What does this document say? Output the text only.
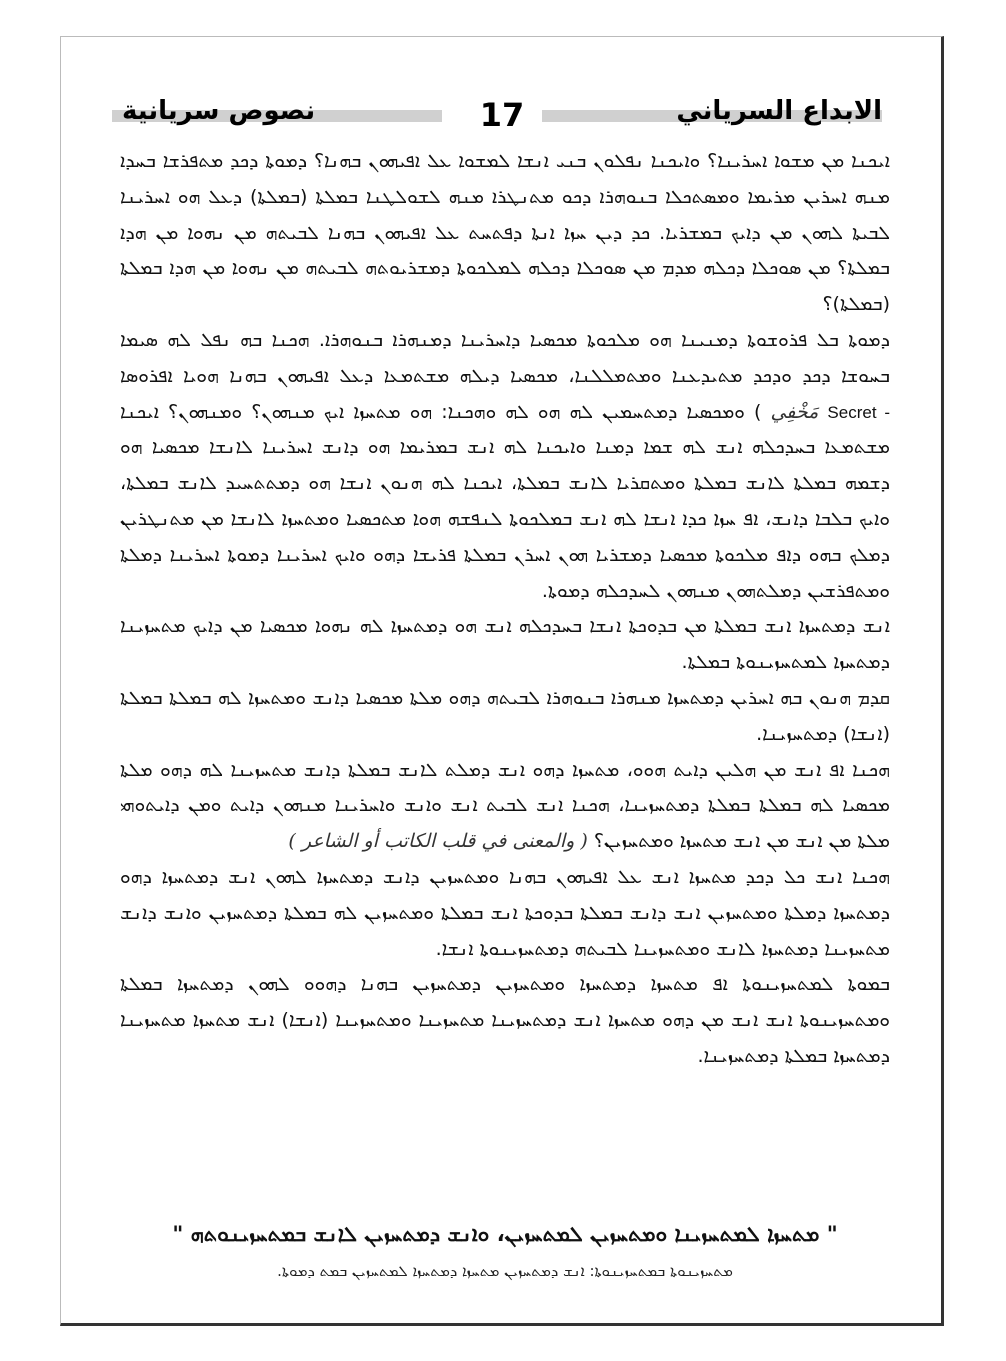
نصوص سريانية	17	الابداع السرياني

ܐܝܟܢܐ ܡܢ ܡܫܘܐ ܐܚܪܝܢܐ؟ ܘܐܝܟܢܐ ܢܦܠܘܢ ܒܢܝ ܐܢܫܐ ܠܡܫܘܐ ܥܠ ܐܦܝܗܘܢ ܒܗܢܐ؟ ܕܡܘܬܐ ܕܟܕ ܡܬܦܪܫܐ ܒܚܕܐ ܡܢܗ ܐܚܪܝܢ ܡܪܝܡܐ ܘܡܣܬܟܠܐ ܒܢܘܗܪܐ ܕܟܘ ܡܬܢܛܪܐ ܡܢܗ ܠܫܘܠܛܢܐ ܒܡܠܬܐ (ܒܡܠܬܐ) ܕܥܠ ܗܘ ܐܚܪܝܢܐ ܠܒܝܬܐ ܠܗܘܢ ܡܢ ܕܐܝܟ ܒܡܫܪܝܐ. ܟܕ ܕܝܢ ܚܙܐ ܐܢܬܐ ܕܦܬܚܬ ܥܠ ܐܦܝܗܘܢ ܒܗܢܐ ܠܒܝܬܗ ܡܢ ܢܗܘܐ ܡܢ ܗܕܐ ܒܡܠܬܐ؟ ܡܢ ܣܘܟܠܐ ܕܟܠܗ ܡܕܡ ܡܢ ܣܘܟܠܐ ܕܟܠܗ ܠܡܠܟܘܬܐ ܕܡܫܪܝܘܬܗ ܠܒܝܬܗ ܡܢ ܢܗܘܐ ܡܢ ܗܕܐ ܒܡܠܬܐ (ܒܡܠܬܐ)؟

ܕܡܘܬܐ ܒܠ ܦܪܘܫܘܬܐ ܕܡܢܝܢܐ ܗܘ ܡܠܟܘܬܐ ܡܟܣܝܐ ܕܐܚܪܝܢܐ ܕܡܢܗܪܐ ܒܢܘܗܪܐ. ܗܟܢܐ ܒܗ ܢܦܠ ܠܗ ܣܝܡܐ ܒܚܘܫܐ ܕܟܕ ܘܕܟܕ ܡܬܝܕܥܢܐ ܘܡܬܡܠܠܢܐ، ܡܟܣܝܐ ܕܝܠܗ ܡܫܬܡܥܐ ܕܥܠ ܐܦܝܗܘܢ ܒܗܢܐ ܗܘܝܐ ܐܦܪܘܣܐ Secret - مَخْفِي ) ܘܡܟܣܝܐ ܕܡܬܚܡܝܢ ܠܗ ܗܘ ܠܗ ܘܗܟܢܐ: ܗܘ ܡܬܚܙܐ ܐܝܟ ܡܢܗܘܢ؟ ܘܡܢܗܘܢ؟ ܐܝܟܢܐ ܡܫܬܡܥܐ ܒܚܕܟܠܗ ܐܢܫ ܠܗ ܫܡܐ ܕܡܢܐ ܘܐܝܟܢܐ ܠܗ ܐܢܫ ܒܡܪܝܡܐ ܗܘ ܕܐܢܫ ܐܚܪܝܢܐ ܠܐܢܫܐ ܡܟܣܝܐ ܗܘ ܕܫܡܗ ܒܡܠܬܐ ܠܐܢܫ ܒܡܠܬܐ ܘܡܬܩܪܝܐ ܠܐܢܫ ܒܡܠܬܐ، ܐܝܟܢܐ ܠܗ ܗܢܘܢ ܐܢܫܐ ܗܘ ܕܡܬܬܚܝܕ ܠܐܢܫ ܒܡܠܬܐ، ܘܐܝܟ ܒܠܒܐ ܕܐܢܫ، ܐܦ ܚܙܐ ܟܕܐ ܐܢܫܐ ܠܗ ܐܢܫ ܒܡܠܟܘܬܐ ܠܢܦܫܗ ܗܘܐ ܡܬܟܣܝܐ ܘܡܬܚܙܐ ܠܐܢܫܐ ܡܢ ܡܬܢܛܪܝܢ ܕܡܠܟ ܒܗܘ ܕܐܦ ܡܠܟܘܬܐ ܡܟܣܝܐ ܕܡܫܪܝܐ ܗܘܢ ܐܚܪܢ ܒܡܠܬܐ ܦܪܝܫܐ ܕܗܘ ܘܐܝܟ ܐܚܪܝܢܐ ܕܡܘܬܐ ܐܚܪܝܢܐ ܕܡܠܬܐ ܘܡܬܦܪܫܝܢ ܕܡܠܬܗܘܢ ܡܢܗܘܢ ܠܚܕܟܠܗ ܕܡܘܬܐ.

ܐܢܫ ܕܡܬܚܙܐ ܐܢܫ ܒܡܠܬܐ ܡܢ ܒܕܘܟܬܐ ܐܢܫܐ ܒܚܕܟܠܗ ܐܢܫ ܗܘ ܕܡܬܚܙܐ ܠܗ ܢܗܘܐ ܡܟܣܝܐ ܡܢ ܕܐܝܟ ܡܬܚܙܝܢܐ ܕܡܬܚܙܐ ܠܡܬܚܙܝܢܘܬܐ ܒܡܠܬܐ.

ܩܕܡ ܗܢܘܢ ܒܗ ܐܚܪܝܢ ܕܡܬܚܙܐ ܡܢܗܪܐ ܒܢܘܗܪܐ ܠܒܝܬܗ ܕܗܘ ܡܠܬܐ ܡܟܣܝܐ ܕܐܢܫ ܘܡܬܚܙܐ ܠܗ ܒܡܠܬܐ ܒܡܠܬܐ (ܐܢܫܐ) ܕܡܬܚܙܝܢܐ.

ܗܟܢܐ ܐܦ ܐܢܫ ܡܢ ܗܠܝܢ ܕܐܝܬ ܗܘܘ، ܡܬܚܙܐ ܕܗܘ ܐܢܫ ܕܡܠܬ ܠܐܢܫ ܒܡܠܬܐ ܕܐܢܫ ܡܬܚܙܝܢܐ ܠܗ ܕܗܘ ܡܠܬܐ ܡܟܣܝܐ ܠܗ ܒܡܠܬܐ ܒܡܠܬܐ ܕܡܬܚܙܝܢܐ، ܗܟܢܐ ܐܢܫ ܠܒܝܬ ܐܢܫ ܘܐܢܫ ܘܐܚܪܝܢܐ ܡܢܗܘܢ ܕܐܝܬ ܘܡܢ ܕܐܝܬܘܗܝ ܡܠܬܐ ܡܢ ܐܢܫ ܡܢ ܐܢܫ ܡܬܚܙܐ ܘܡܬܚܙܝܢ؟ ( والمعنى في قلب الكاتب أو الشاعر )

ܗܟܢܐ ܐܢܫ ܟܠ ܕܟܕ ܡܬܚܙܐ ܐܢܫ ܥܠ ܐܦܝܗܘܢ ܒܗܢܐ ܘܡܬܚܙܝܢ ܕܐܢܫ ܕܡܬܚܙܐ ܠܗܘܢ ܐܢܫ ܕܡܬܚܙܐ ܕܗܘ ܕܡܬܚܙܐ ܕܡܠܬܐ ܘܡܬܚܙܝܢ ܐܢܫ ܕܐܢܫ ܒܡܠܬܐ ܒܕܘܟܬܐ ܐܢܫ ܒܡܠܬܐ ܘܡܬܚܙܝܢ ܠܗ ܒܡܠܬܐ ܕܡܬܚܙܝܢ ܘܐܢܫ ܕܐܢܫ ܡܬܚܙܝܢܐ ܕܡܬܚܙܐ ܠܐܢܫ ܘܡܬܚܙܝܢܐ ܠܒܝܬܗ ܕܡܬܚܙܝܢܘܬܐ ܐܢܫܐ.

ܒܡܘܬܐ ܠܡܬܚܙܝܢܘܬܐ ܐܦ ܡܬܚܙܐ ܕܡܬܚܙܐ ܘܡܬܚܙܝܢ ܕܡܬܚܙܝܢ ܒܗܢܐ ܕܗܘܘ ܠܗܘܢ ܕܡܬܚܙܐ ܒܡܠܬܐ ܘܡܬܚܙܝܢܘܬܐ ܐܢܫ ܐܢܫ ܡܢ ܕܗܘ ܡܬܚܙܐ ܐܢܫ ܕܡܬܚܙܝܢܐ ܡܬܚܙܝܢܐ ܘܡܬܚܙܝܢܐ (ܐܢܫܐ) ܐܢܫ ܡܬܚܙܐ ܡܬܚܙܝܢܐ ܕܡܬܚܙܐ ܒܡܠܬܐ ܕܡܬܚܙܝܢܐ.

" ܡܬܚܙܐ ܠܡܬܚܙܝܢܐ ܘܡܬܚܙܝܢ ܠܡܬܚܙܝܢ، ܘܐܢܫ ܕܡܬܚܙܝܢ ܠܐܢܫ ܒܡܬܚܙܝܢܘܬܗ "
ܡܬܚܙܝܢܘܬܐ ܒܡܬܚܙܝܢܘܬܐ: ܐܢܫ ܕܡܬܚܙܝܢ ܡܬܚܙܐ ܕܡܬܚܙܐ ܠܡܬܚܙܝܢ ܒܡܬ ܕܡܘܬܐ.
